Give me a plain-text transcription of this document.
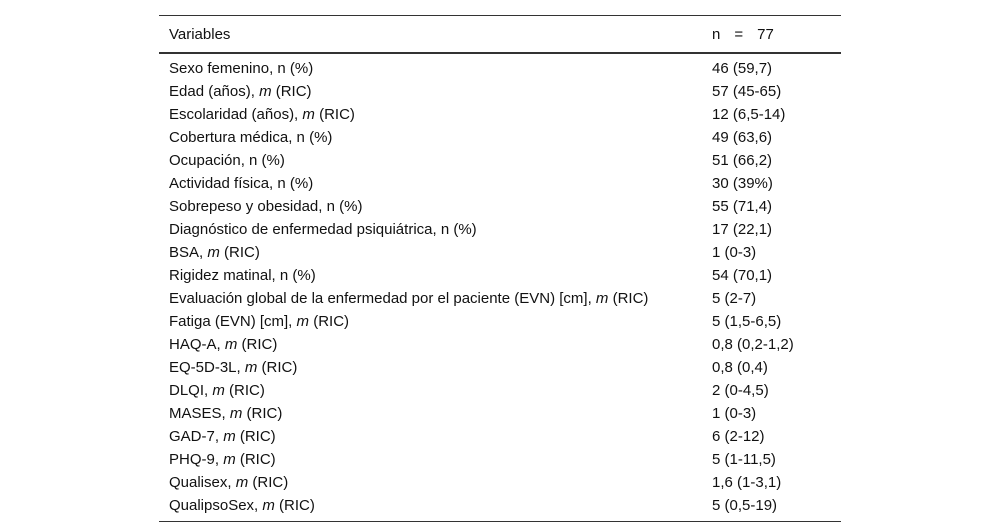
Variables	n = 77
Sexo femenino, n (%)	46 (59,7)
Edad (años), m (RIC)	57 (45-65)
Escolaridad (años), m (RIC)	12 (6,5-14)
Cobertura médica, n (%)	49 (63,6)
Ocupación, n (%)	51 (66,2)
Actividad física, n (%)	30 (39%)
Sobrepeso y obesidad, n (%)	55 (71,4)
Diagnóstico de enfermedad psiquiátrica, n (%)	17 (22,1)
BSA, m (RIC)	1 (0-3)
Rigidez matinal, n (%)	54 (70,1)
Evaluación global de la enfermedad por el paciente (EVN) [cm], m (RIC)	5 (2-7)
Fatiga (EVN) [cm], m (RIC)	5 (1,5-6,5)
HAQ-A, m (RIC)	0,8 (0,2-1,2)
EQ-5D-3L, m (RIC)	0,8 (0,4)
DLQI, m (RIC)	2 (0-4,5)
MASES, m (RIC)	1 (0-3)
GAD-7, m (RIC)	6 (2-12)
PHQ-9, m (RIC)	5 (1-11,5)
Qualisex, m (RIC)	1,6 (1-3,1)
QualipsoSex, m (RIC)	5 (0,5-19)
